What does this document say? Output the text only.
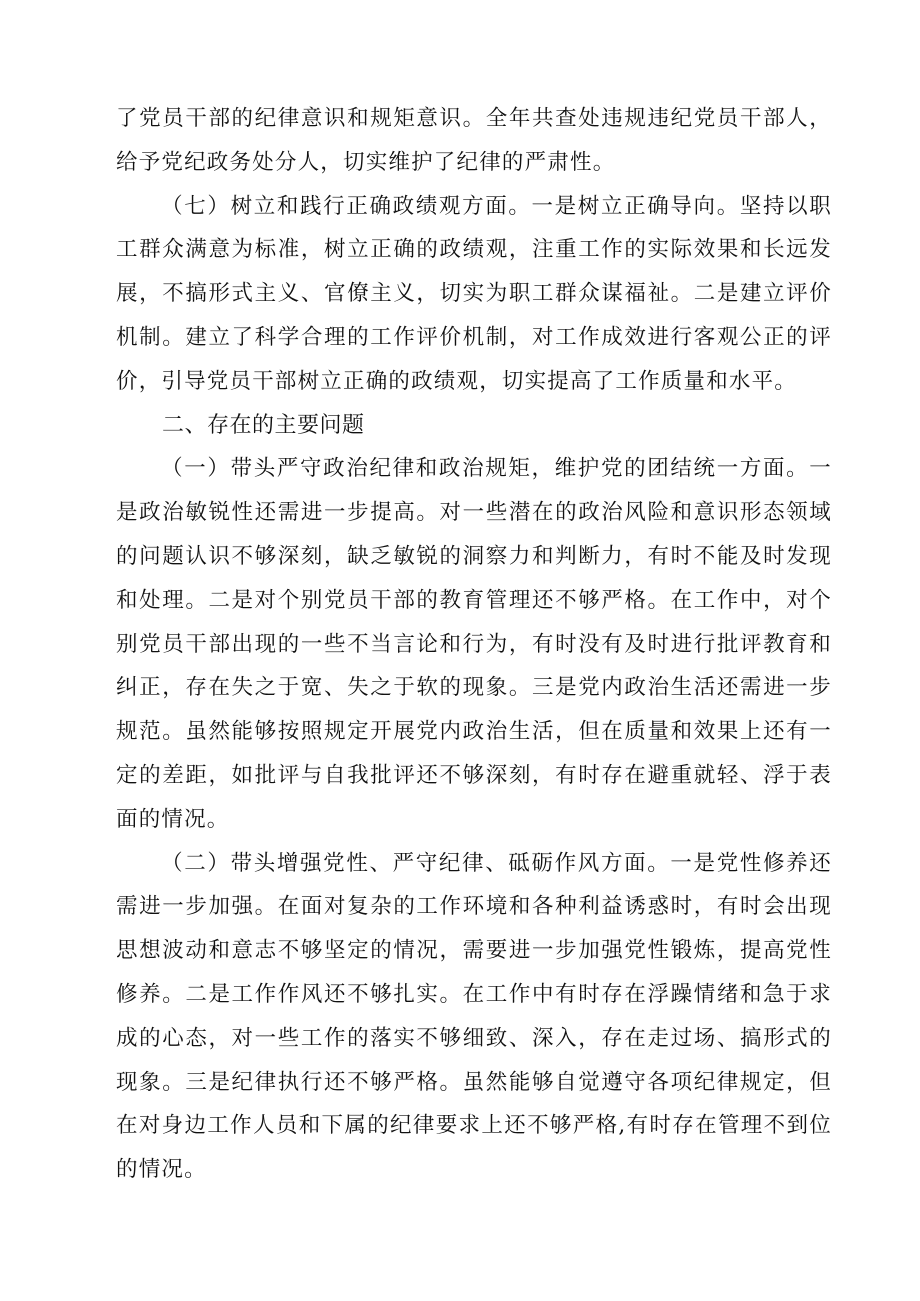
了党员干部的纪律意识和规矩意识。全年共查处违规违纪党员干部人，给予党纪政务处分人，切实维护了纪律的严肃性。

（七）树立和践行正确政绩观方面。一是树立正确导向。坚持以职工群众满意为标准，树立正确的政绩观，注重工作的实际效果和长远发展，不搞形式主义、官僚主义，切实为职工群众谋福祉。二是建立评价机制。建立了科学合理的工作评价机制，对工作成效进行客观公正的评价，引导党员干部树立正确的政绩观，切实提高了工作质量和水平。

二、存在的主要问题

（一）带头严守政治纪律和政治规矩，维护党的团结统一方面。一是政治敏锐性还需进一步提高。对一些潜在的政治风险和意识形态领域的问题认识不够深刻，缺乏敏锐的洞察力和判断力，有时不能及时发现和处理。二是对个别党员干部的教育管理还不够严格。在工作中，对个别党员干部出现的一些不当言论和行为，有时没有及时进行批评教育和纠正，存在失之于宽、失之于软的现象。三是党内政治生活还需进一步规范。虽然能够按照规定开展党内政治生活，但在质量和效果上还有一定的差距，如批评与自我批评还不够深刻，有时存在避重就轻、浮于表面的情况。

（二）带头增强党性、严守纪律、砥砺作风方面。一是党性修养还需进一步加强。在面对复杂的工作环境和各种利益诱惑时，有时会出现思想波动和意志不够坚定的情况，需要进一步加强党性锻炼，提高党性修养。二是工作作风还不够扎实。在工作中有时存在浮躁情绪和急于求成的心态，对一些工作的落实不够细致、深入，存在走过场、搞形式的现象。三是纪律执行还不够严格。虽然能够自觉遵守各项纪律规定，但在对身边工作人员和下属的纪律要求上还不够严格,有时存在管理不到位的情况。
